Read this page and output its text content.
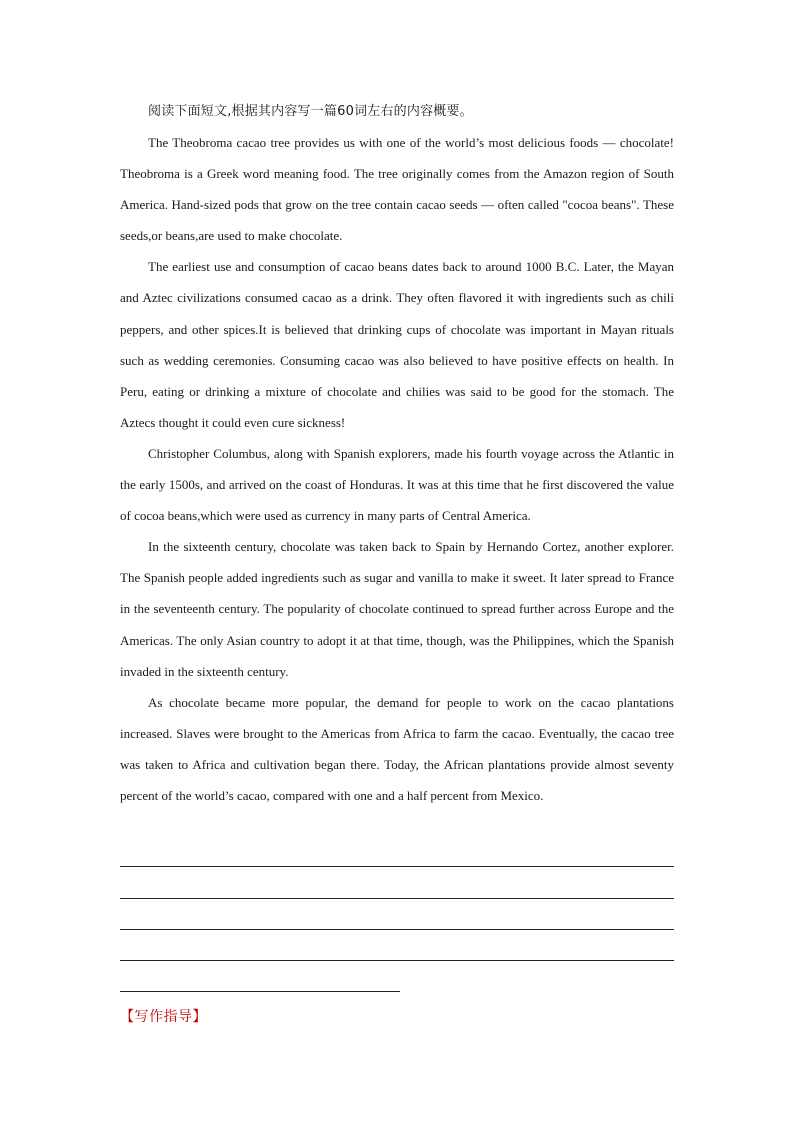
阅读下面短文,根据其内容写一篇60词左右的内容概要。

The Theobroma cacao tree provides us with one of the world’s most delicious foods — chocolate! Theobroma is a Greek word meaning food. The tree originally comes from the Amazon region of South America. Hand-sized pods that grow on the tree contain cacao seeds — often called "cocoa beans". These seeds,or beans,are used to make chocolate.

The earliest use and consumption of cacao beans dates back to around 1000 B.C. Later, the Mayan and Aztec civilizations consumed cacao as a drink. They often flavored it with ingredients such as chili peppers, and other spices.It is believed that drinking cups of chocolate was important in Mayan rituals such as wedding ceremonies. Consuming cacao was also believed to have positive effects on health. In Peru, eating or drinking a mixture of chocolate and chilies was said to be good for the stomach. The Aztecs thought it could even cure sickness!

Christopher Columbus, along with Spanish explorers, made his fourth voyage across the Atlantic in the early 1500s, and arrived on the coast of Honduras. It was at this time that he first discovered the value of cocoa beans,which were used as currency in many parts of Central America.

In the sixteenth century, chocolate was taken back to Spain by Hernando Cortez, another explorer. The Spanish people added ingredients such as sugar and vanilla to make it sweet. It later spread to France in the seventeenth century. The popularity of chocolate continued to spread further across Europe and the Americas. The only Asian country to adopt it at that time, though, was the Philippines, which the Spanish invaded in the sixteenth century.

As chocolate became more popular, the demand for people to work on the cacao plantations increased. Slaves were brought to the Americas from Africa to farm the cacao. Eventually, the cacao tree was taken to Africa and cultivation began there. Today, the African plantations provide almost seventy percent of the world’s cacao, compared with one and a half percent from Mexico.

【写作指导】
